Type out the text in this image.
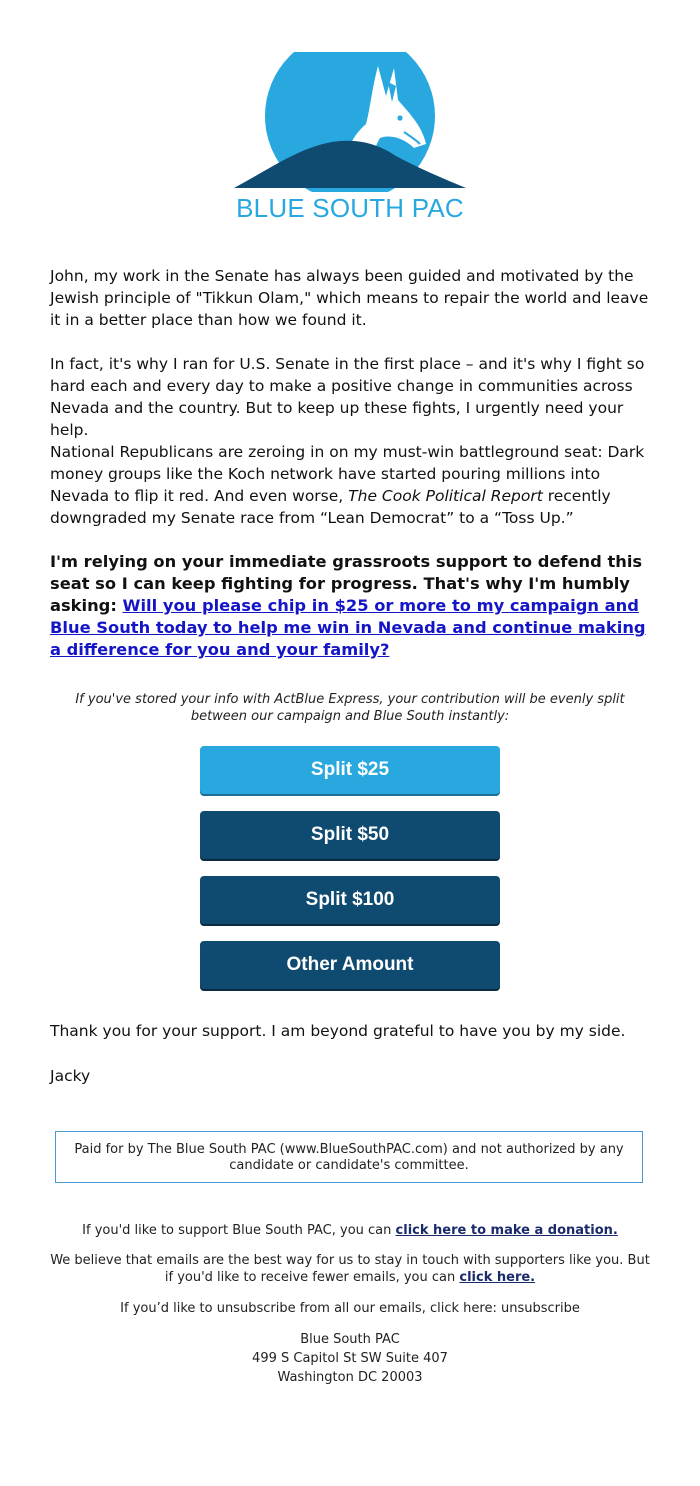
BLUE SOUTH PAC

John, my work in the Senate has always been guided and motivated by the Jewish principle of "Tikkun Olam," which means to repair the world and leave it in a better place than how we found it.

In fact, it's why I ran for U.S. Senate in the first place – and it's why I fight so hard each and every day to make a positive change in communities across Nevada and the country. But to keep up these fights, I urgently need your help.

National Republicans are zeroing in on my must-win battleground seat: Dark money groups like the Koch network have started pouring millions into Nevada to flip it red. And even worse, The Cook Political Report recently downgraded my Senate race from “Lean Democrat” to a “Toss Up.”

I'm relying on your immediate grassroots support to defend this seat so I can keep fighting for progress. That's why I'm humbly asking: Will you please chip in $25 or more to my campaign and Blue South today to help me win in Nevada and continue making a difference for you and your family?

If you've stored your info with ActBlue Express, your contribution will be evenly split between our campaign and Blue South instantly:

Split $25
Split $50
Split $100
Other Amount

Thank you for your support. I am beyond grateful to have you by my side.

Jacky

Paid for by The Blue South PAC (www.BlueSouthPAC.com) and not authorized by any candidate or candidate's committee.

If you'd like to support Blue South PAC, you can click here to make a donation.

We believe that emails are the best way for us to stay in touch with supporters like you. But if you'd like to receive fewer emails, you can click here.

If you’d like to unsubscribe from all our emails, click here: unsubscribe

Blue South PAC
499 S Capitol St SW Suite 407
Washington DC 20003
